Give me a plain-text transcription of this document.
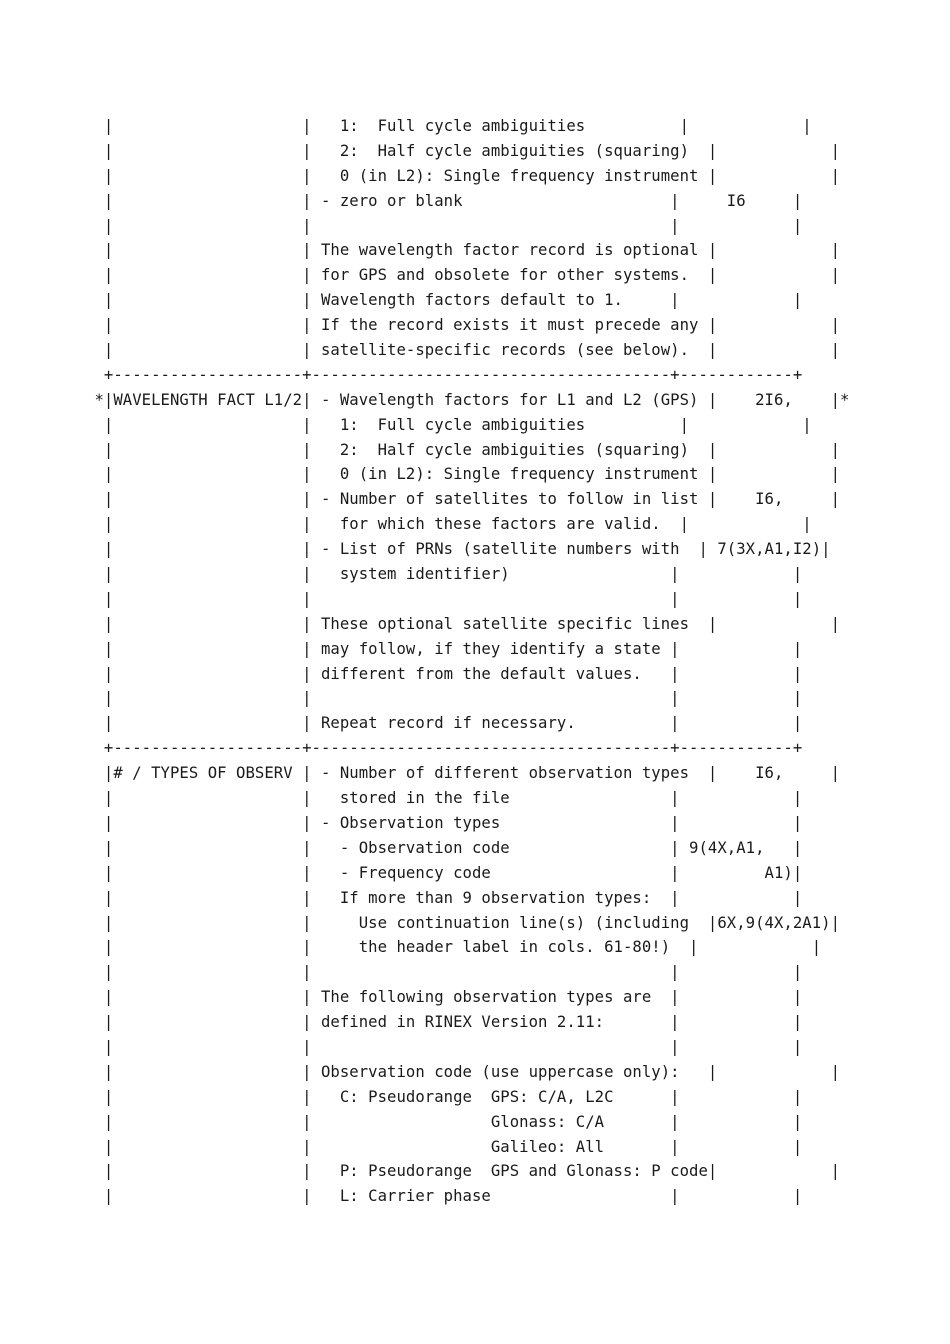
|                    |   1:  Full cycle ambiguities          |            |
|                    |   2:  Half cycle ambiguities (squaring)  |            |
|                    |   0 (in L2): Single frequency instrument |            |
|                    | - zero or blank                      |     I6     |
|                    |                                      |            |
|                    | The wavelength factor record is optional |            |
|                    | for GPS and obsolete for other systems.  |            |
|                    | Wavelength factors default to 1.     |            |
|                    | If the record exists it must precede any |            |
|                    | satellite-specific records (see below).  |            |
+--------------------+--------------------------------------+------------+
*|WAVELENGTH FACT L1/2| - Wavelength factors for L1 and L2 (GPS) |    2I6,    |*
|                    |   1:  Full cycle ambiguities          |            |
|                    |   2:  Half cycle ambiguities (squaring)  |            |
|                    |   0 (in L2): Single frequency instrument |            |
|                    | - Number of satellites to follow in list |    I6,     |
|                    |   for which these factors are valid.  |            |
|                    | - List of PRNs (satellite numbers with  | 7(3X,A1,I2)|
|                    |   system identifier)                 |            |
|                    |                                      |            |
|                    | These optional satellite specific lines  |            |
|                    | may follow, if they identify a state |            |
|                    | different from the default values.   |            |
|                    |                                      |            |
|                    | Repeat record if necessary.          |            |
+--------------------+--------------------------------------+------------+
|# / TYPES OF OBSERV | - Number of different observation types  |    I6,     |
|                    |   stored in the file                 |            |
|                    | - Observation types                  |            |
|                    |   - Observation code                 | 9(4X,A1,   |
|                    |   - Frequency code                   |         A1)|
|                    |   If more than 9 observation types:  |            |
|                    |     Use continuation line(s) (including  |6X,9(4X,2A1)|
|                    |     the header label in cols. 61-80!)  |            |
|                    |                                      |            |
|                    | The following observation types are  |            |
|                    | defined in RINEX Version 2.11:       |            |
|                    |                                      |            |
|                    | Observation code (use uppercase only):   |            |
|                    |   C: Pseudorange  GPS: C/A, L2C      |            |
|                    |                   Glonass: C/A       |            |
|                    |                   Galileo: All       |            |
|                    |   P: Pseudorange  GPS and Glonass: P code|            |
|                    |   L: Carrier phase                   |            |
